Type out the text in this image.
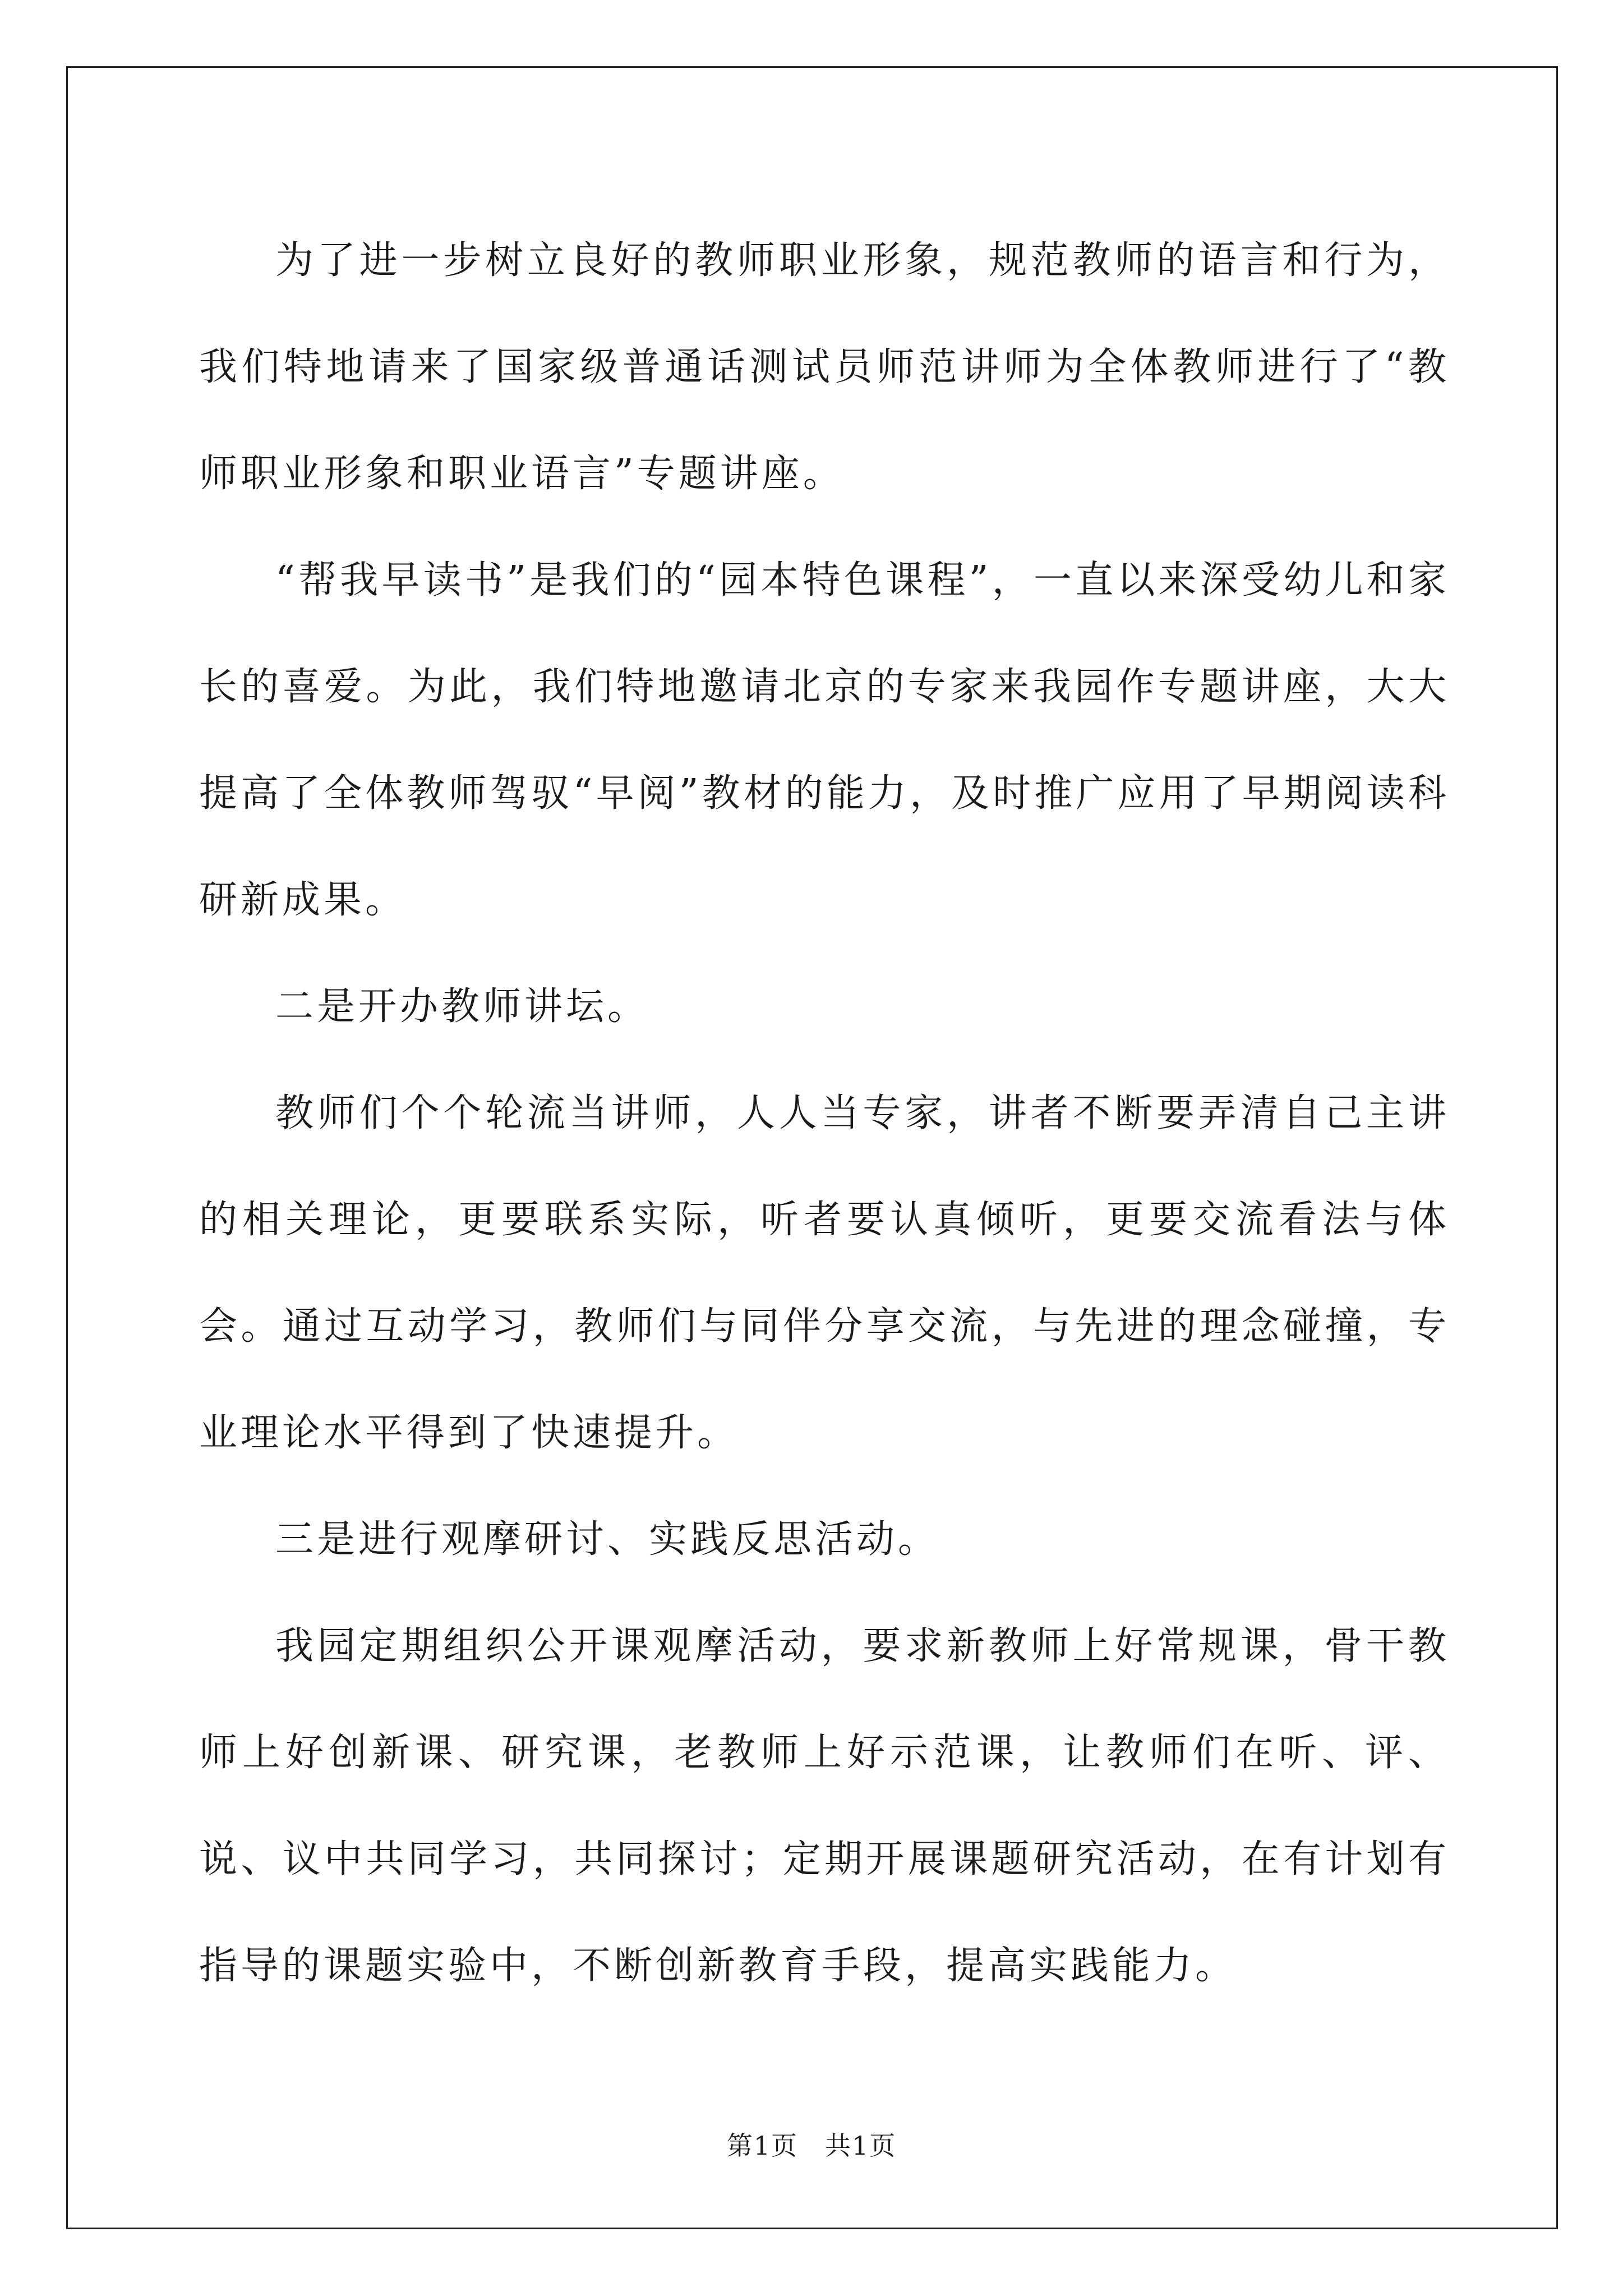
为了进一步树立良好的教师职业形象，规范教师的语言和行为，我们特地请来了国家级普通话测试员师范讲师为全体教师进行了“教师职业形象和职业语言”专题讲座。

“帮我早读书”是我们的“园本特色课程”，一直以来深受幼儿和家长的喜爱。为此，我们特地邀请北京的专家来我园作专题讲座，大大提高了全体教师驾驭“早阅”教材的能力，及时推广应用了早期阅读科研新成果。

二是开办教师讲坛。

教师们个个轮流当讲师，人人当专家，讲者不断要弄清自己主讲的相关理论，更要联系实际，听者要认真倾听，更要交流看法与体会。通过互动学习，教师们与同伴分享交流，与先进的理念碰撞，专业理论水平得到了快速提升。

三是进行观摩研讨、实践反思活动。

我园定期组织公开课观摩活动，要求新教师上好常规课，骨干教师上好创新课、研究课，老教师上好示范课，让教师们在听、评、说、议中共同学习，共同探讨；定期开展课题研究活动，在有计划有指导的课题实验中，不断创新教育手段，提高实践能力。

第1页　共1页
